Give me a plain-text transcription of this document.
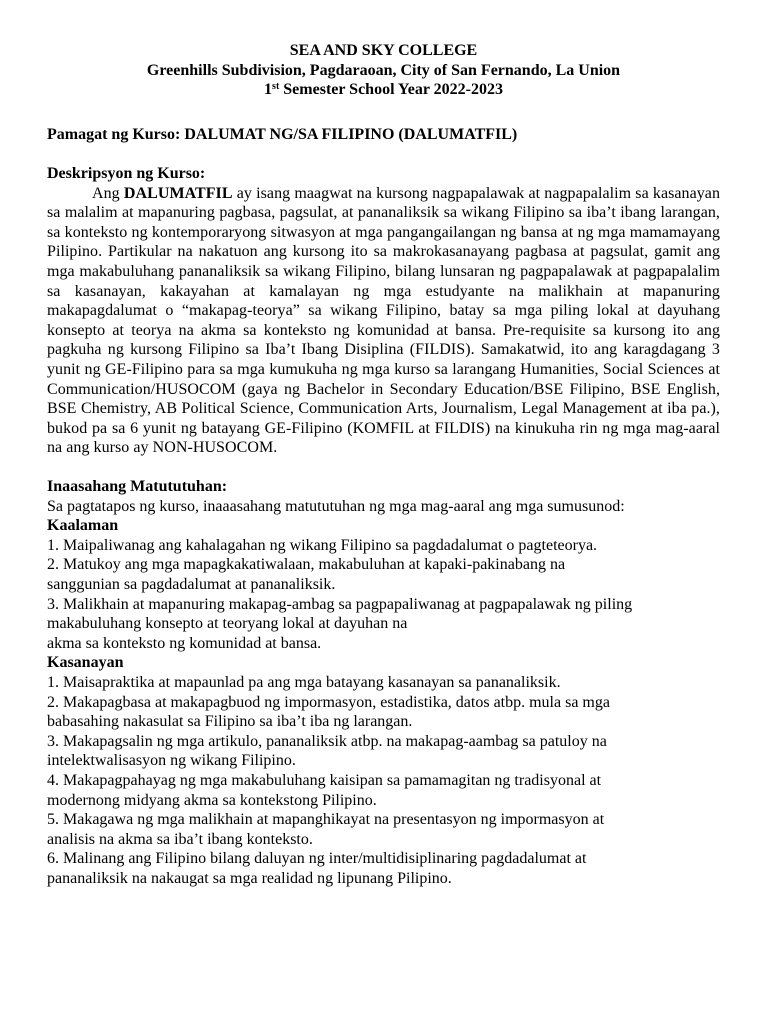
SEA AND SKY COLLEGE
Greenhills Subdivision, Pagdaraoan, City of San Fernando, La Union
1st Semester School Year 2022-2023
Pamagat ng Kurso: DALUMAT NG/SA FILIPINO (DALUMATFIL)
Deskripsyon ng Kurso:

Ang DALUMATFIL ay isang maagwat na kursong nagpapalawak at nagpapalalim sa kasanayan sa malalim at mapanuring pagbasa, pagsulat, at pananaliksik sa wikang Filipino sa iba’t ibang larangan, sa konteksto ng kontemporaryong sitwasyon at mga pangangailangan ng bansa at ng mga mamamayang Pilipino. Partikular na nakatuon ang kursong ito sa makrokasanayang pagbasa at pagsulat, gamit ang mga makabuluhang pananaliksik sa wikang Filipino, bilang lunsaran ng pagpapalawak at pagpapalalim sa kasanayan, kakayahan at kamalayan ng mga estudyante na malikhain at mapanuring makapagdalumat o “makapag-teorya” sa wikang Filipino, batay sa mga piling lokal at dayuhang konsepto at teorya na akma sa konteksto ng komunidad at bansa. Pre-requisite sa kursong ito ang pagkuha ng kursong Filipino sa Iba’t Ibang Disiplina (FILDIS). Samakatwid, ito ang karagdagang 3 yunit ng GE-Filipino para sa mga kumukuha ng mga kurso sa larangang Humanities, Social Sciences at Communication/HUSOCOM (gaya ng Bachelor in Secondary Education/BSE Filipino, BSE English, BSE Chemistry, AB Political Science, Communication Arts, Journalism, Legal Management at iba pa.), bukod pa sa 6 yunit ng batayang GE-Filipino (KOMFIL at FILDIS) na kinukuha rin ng mga mag-aaral na ang kurso ay NON-HUSOCOM.

Inaasahang Matututuhan:

Sa pagtatapos ng kurso, inaaasahang matututuhan ng mga mag-aaral ang mga sumusunod:

Kaalaman
1. Maipaliwanag ang kahalagahan ng wikang Filipino sa pagdadalumat o pagteteorya.
2. Matukoy ang mga mapagkakatiwalaan, makabuluhan at kapaki-pakinabang na
sanggunian sa pagdadalumat at pananaliksik.
3. Malikhain at mapanuring makapag-ambag sa pagpapaliwanag at pagpapalawak ng piling
makabuluhang konsepto at teoryang lokal at dayuhan na
akma sa konteksto ng komunidad at bansa.
Kasanayan
1. Maisapraktika at mapaunlad pa ang mga batayang kasanayan sa pananaliksik.
2. Makapagbasa at makapagbuod ng impormasyon, estadistika, datos atbp. mula sa mga
babasahing nakasulat sa Filipino sa iba’t iba ng larangan.
3. Makapagsalin ng mga artikulo, pananaliksik atbp. na makapag-aambag sa patuloy na
intelektwalisasyon ng wikang Filipino.
4. Makapagpahayag ng mga makabuluhang kaisipan sa pamamagitan ng tradisyonal at
modernong midyang akma sa kontekstong Pilipino.
5. Makagawa ng mga malikhain at mapanghikayat na presentasyon ng impormasyon at
analisis na akma sa iba’t ibang konteksto.
6. Malinang ang Filipino bilang daluyan ng inter/multidisiplinaring pagdadalumat at
pananaliksik na nakaugat sa mga realidad ng lipunang Pilipino.
